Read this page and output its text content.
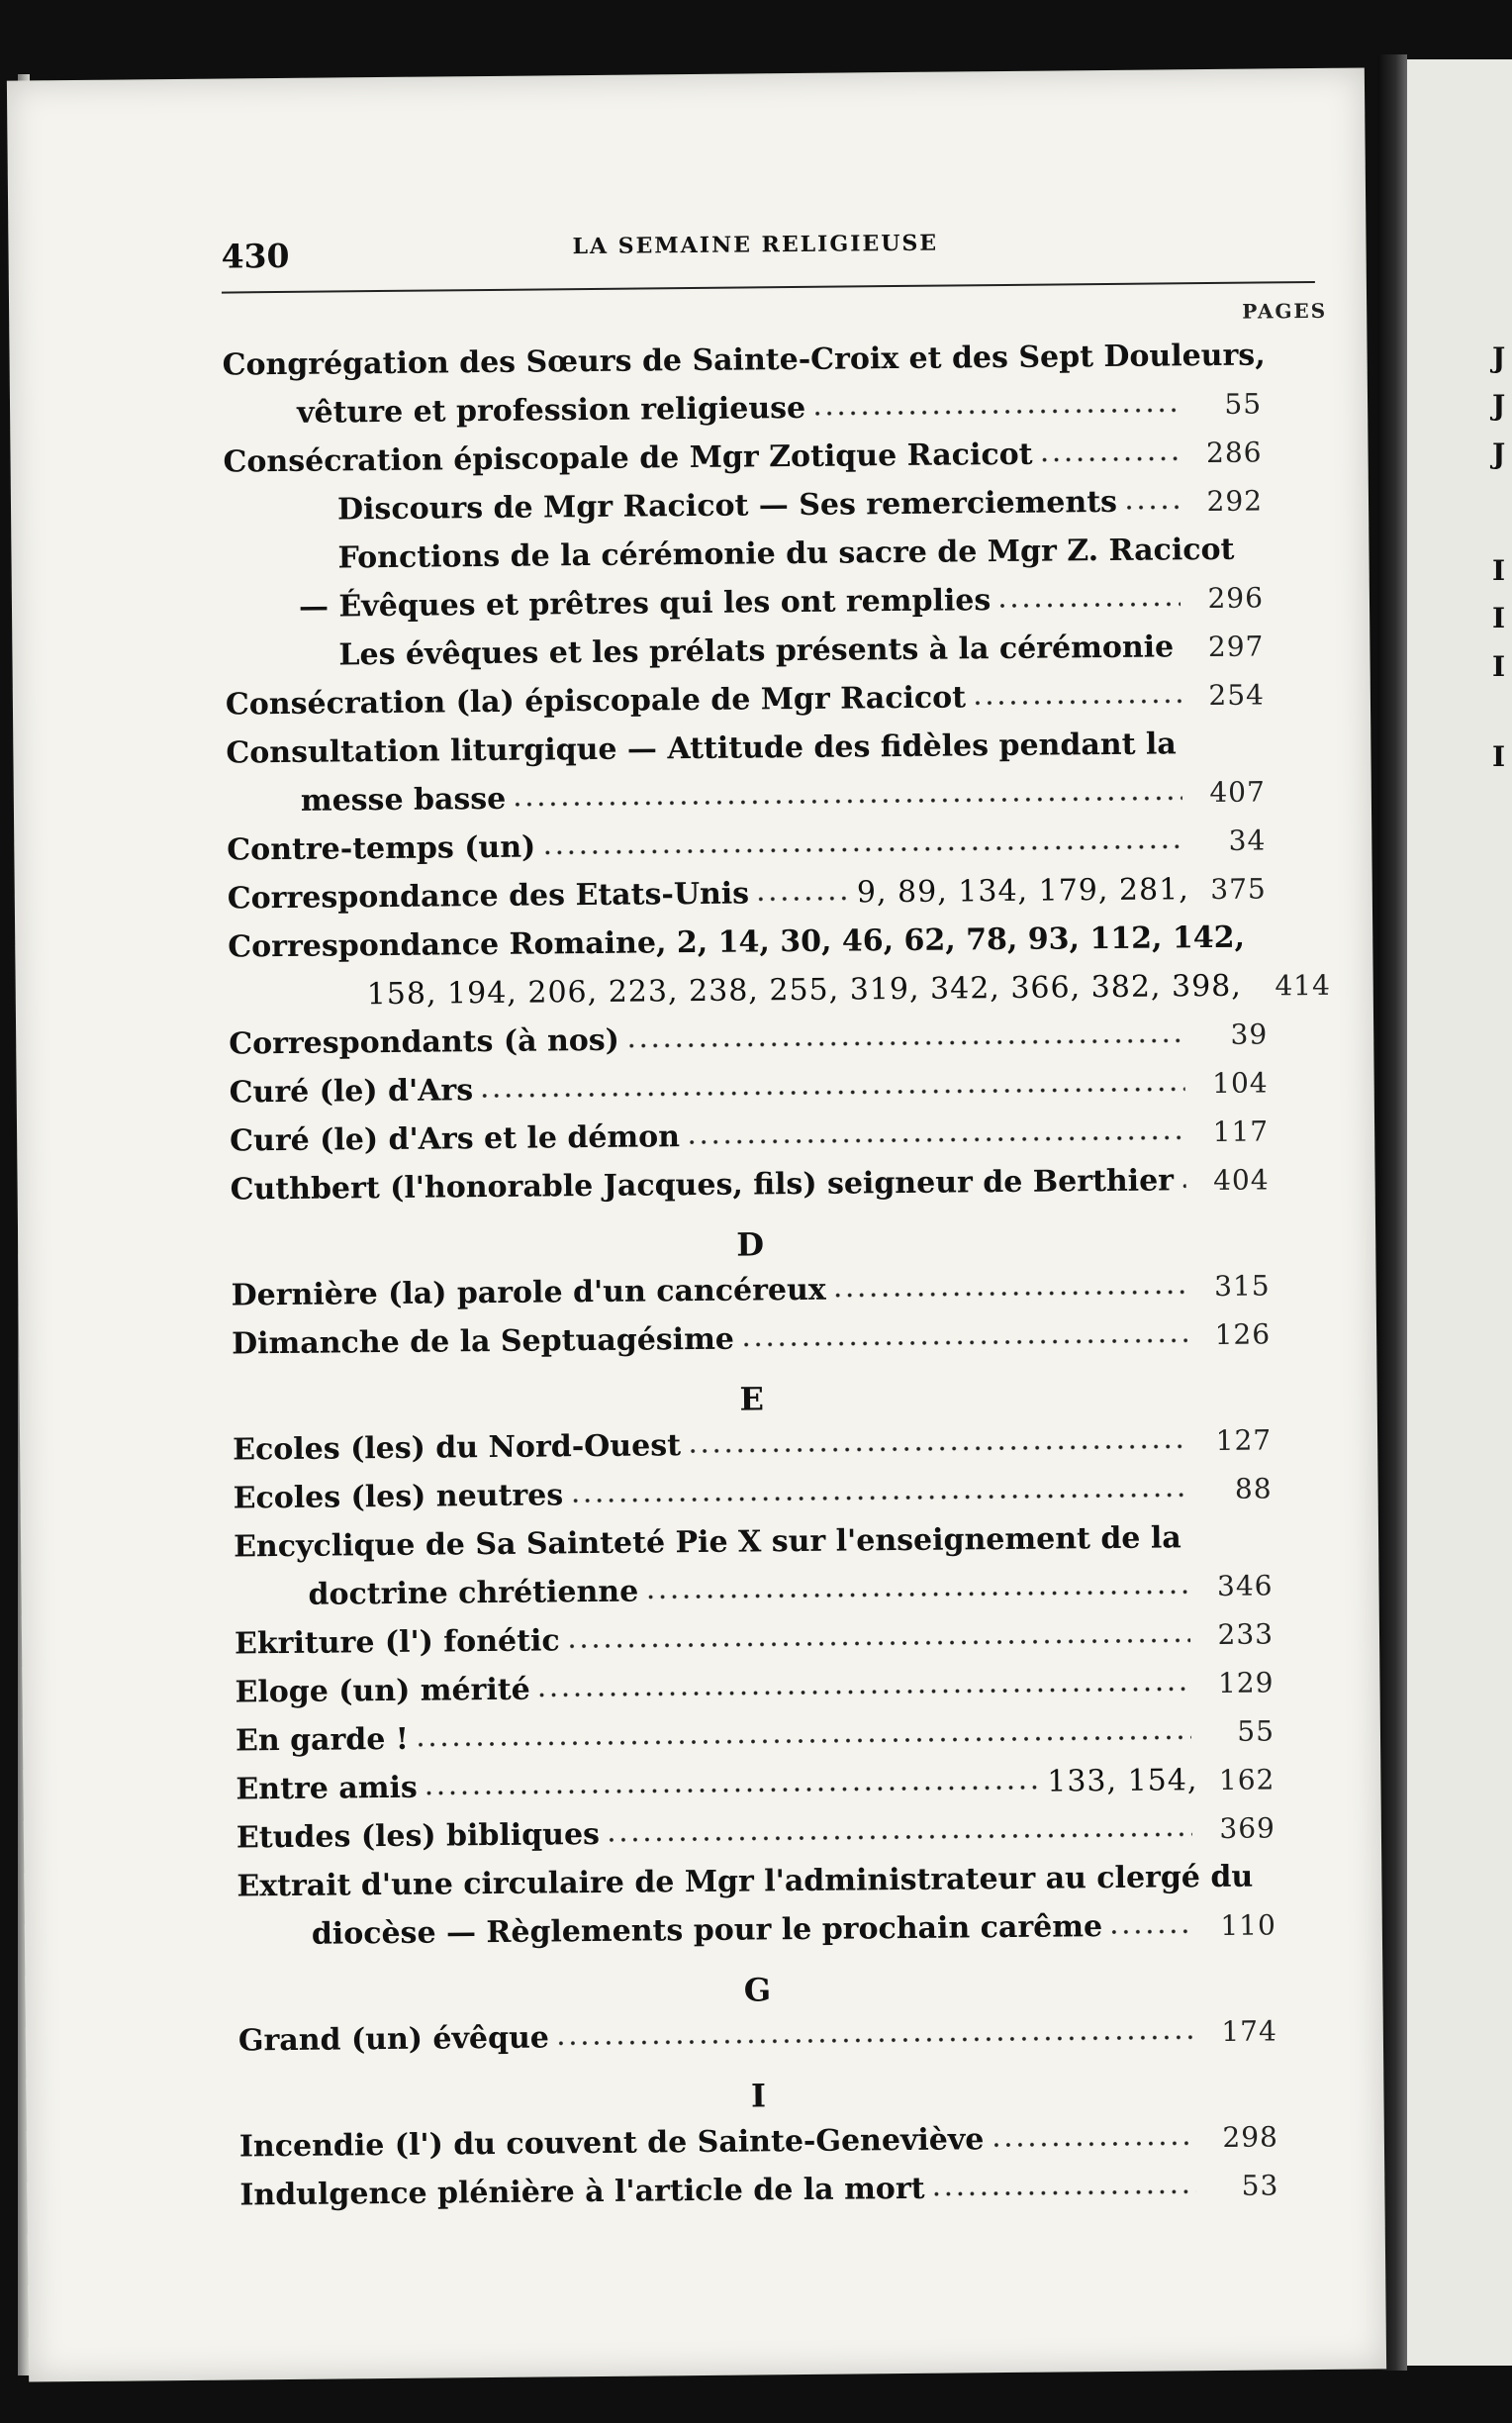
430	LA SEMAINE RELIGIEUSE
PAGES
Congrégation des Sœurs de Sainte-Croix et des Sept Douleurs,
vêture et profession religieuse	55
Consécration épiscopale de Mgr Zotique Racicot	286
Discours de Mgr Racicot — Ses remerciements	292
Fonctions de la cérémonie du sacre de Mgr Z. Racicot
— Évêques et prêtres qui les ont remplies	296
Les évêques et les prélats présents à la cérémonie	297
Consécration (la) épiscopale de Mgr Racicot	254
Consultation liturgique — Attitude des fidèles pendant la
messe basse	407
Contre-temps (un)	34
Correspondance des Etats-Unis	9, 89, 134, 179, 281, 375
Correspondance Romaine, 2, 14, 30, 46, 62, 78, 93, 112, 142,
158, 194, 206, 223, 238, 255, 319, 342, 366, 382, 398,	414
Correspondants (à nos)	39
Curé (le) d'Ars	104
Curé (le) d'Ars et le démon	117
Cuthbert (l'honorable Jacques, fils) seigneur de Berthier	404
D
Dernière (la) parole d'un cancéreux	315
Dimanche de la Septuagésime	126
E
Ecoles (les) du Nord-Ouest	127
Ecoles (les) neutres	88
Encyclique de Sa Sainteté Pie X sur l'enseignement de la
doctrine chrétienne	346
Ekriture (l') fonétic	233
Eloge (un) mérité	129
En garde !	55
Entre amis	133, 154, 162
Etudes (les) bibliques	369
Extrait d'une circulaire de Mgr l'administrateur au clergé du
diocèse — Règlements pour le prochain carême	110
G
Grand (un) évêque	174
I
Incendie (l') du couvent de Sainte-Geneviève	298
Indulgence plénière à l'article de la mort	53
J
J
J
I
I
I
I
